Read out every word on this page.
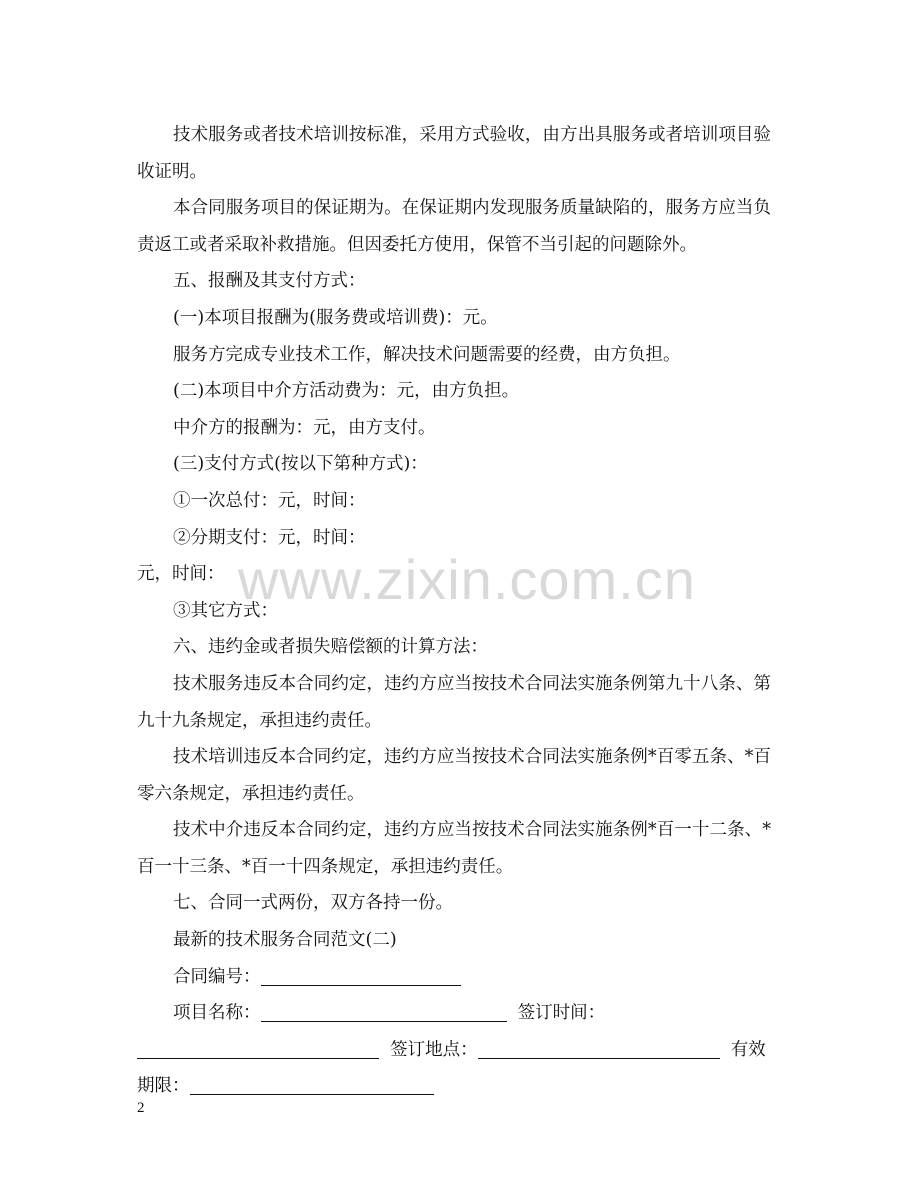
www.zixin.com.cn

技术服务或者技术培训按标准，采用方式验收，由方出具服务或者培训项目验收证明。

本合同服务项目的保证期为。在保证期内发现服务质量缺陷的，服务方应当负责返工或者采取补救措施。但因委托方使用，保管不当引起的问题除外。

五、报酬及其支付方式：

(一)本项目报酬为(服务费或培训费)：元。

服务方完成专业技术工作，解决技术问题需要的经费，由方负担。

(二)本项目中介方活动费为：元，由方负担。

中介方的报酬为：元，由方支付。

(三)支付方式(按以下第种方式)：

①一次总付：元，时间：

②分期支付：元，时间：

元，时间：

③其它方式：

六、违约金或者损失赔偿额的计算方法：

技术服务违反本合同约定，违约方应当按技术合同法实施条例第九十八条、第九十九条规定，承担违约责任。

技术培训违反本合同约定，违约方应当按技术合同法实施条例*百零五条、*百零六条规定，承担违约责任。

技术中介违反本合同约定，违约方应当按技术合同法实施条例*百一十二条、*百一十三条、*百一十四条规定，承担违约责任。

七、合同一式两份，双方各持一份。

最新的技术服务合同范文(二)

合同编号：

项目名称：	签订时间：

签订地点：	有效

期限：

2
